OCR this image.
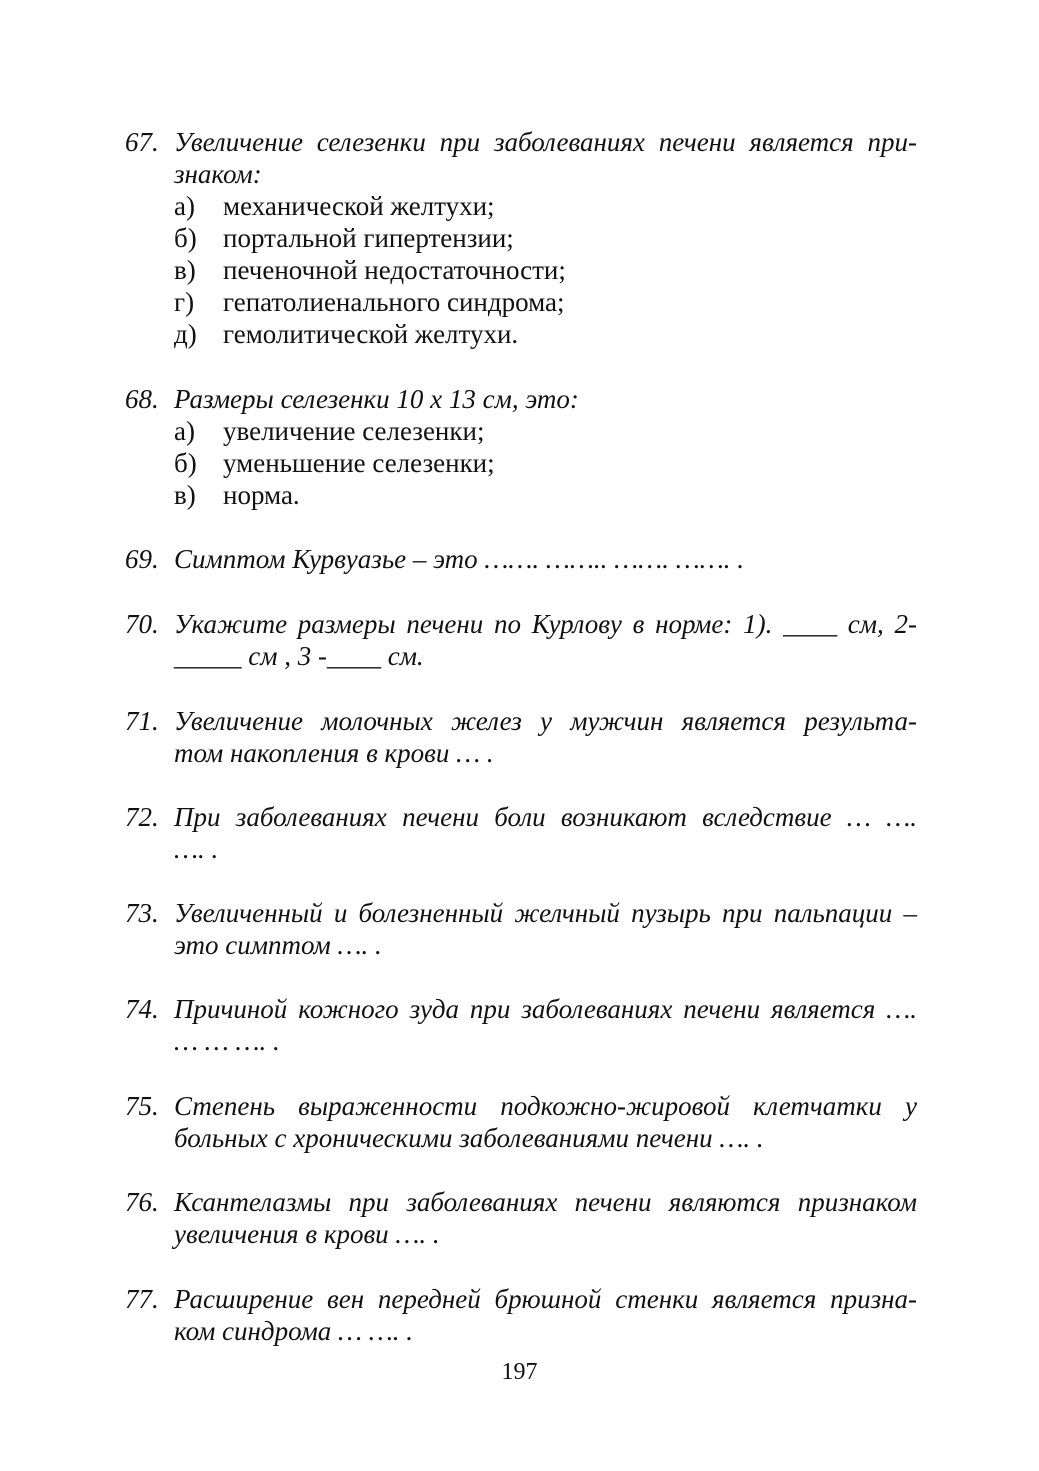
67. Увеличение селезенки при заболеваниях печени является при-
знаком:
а) механической желтухи;
б) портальной гипертензии;
в) печеночной недостаточности;
г) гепатолиенального синдрома;
д) гемолитической желтухи.
68. Размеры селезенки 10 х 13 см, это:
а) увеличение селезенки;
б) уменьшение селезенки;
в) норма.
69. Симптом Курвуазье – это ……. …….. ……. ……. .
70. Укажите размеры печени по Курлову в норме: 1). ____ см, 2-
_____ см , 3 -____ см.
71. Увеличение молочных желез у мужчин является результа-
том накопления в крови … .
72. При заболеваниях печени боли возникают вследствие … ….
…. .
73. Увеличенный и болезненный желчный пузырь при пальпации –
это симптом …. .
74. Причиной кожного зуда при заболеваниях печени является ….
… … …. .
75. Степень выраженности подкожно-жировой клетчатки у
больных с хроническими заболеваниями печени …. .
76. Ксантелазмы при заболеваниях печени являются признаком
увеличения в крови …. .
77. Расширение вен передней брюшной стенки является призна-
ком синдрома … …. .
197
